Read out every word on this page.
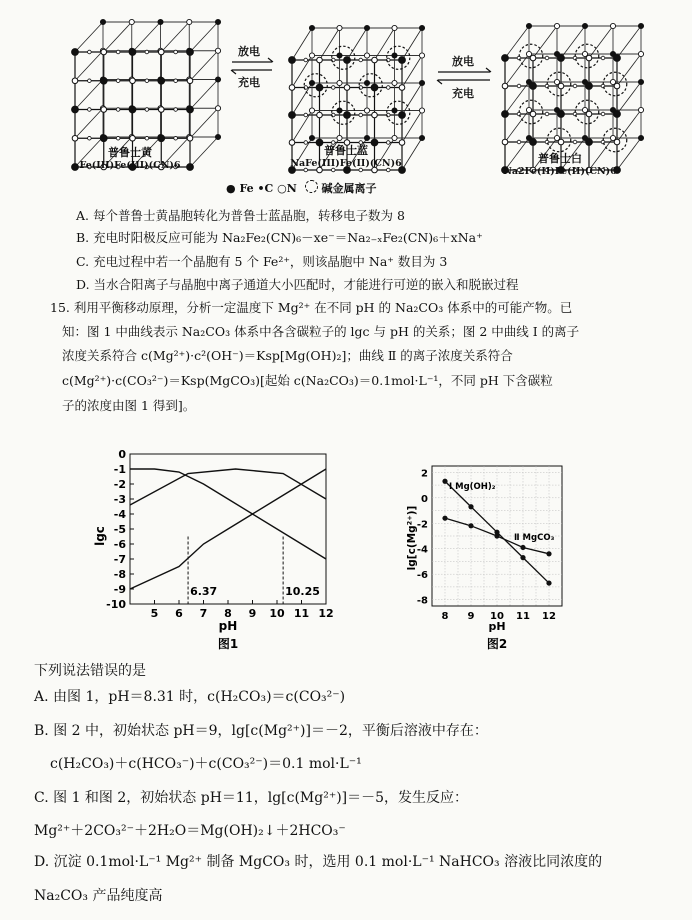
放电
充电
放电
充电
普鲁士黄
Fe(III)Fe(III)(CN)6
普鲁士蓝
NaFe(III)Fe(II)(CN)6	普鲁士白
Na2Fe(II)Fe(II)(CN)6
● Fe •C ○N 碱金属离子
A. 每个普鲁士黄晶胞转化为普鲁士蓝晶胞，转移电子数为 8
B. 充电时阳极反应可能为 Na₂Fe₂(CN)₆－xe⁻＝Na₂₋ₓFe₂(CN)₆＋xNa⁺
C. 充电过程中若一个晶胞有 5 个 Fe²⁺，则该晶胞中 Na⁺ 数目为 3
D. 当水合阳离子与晶胞中离子通道大小匹配时，才能进行可逆的嵌入和脱嵌过程
15. 利用平衡移动原理，分析一定温度下 Mg²⁺ 在不同 pH 的 Na₂CO₃ 体系中的可能产物。已
知：图 1 中曲线表示 Na₂CO₃ 体系中各含碳粒子的 lgc 与 pH 的关系；图 2 中曲线 Ⅰ 的离子
浓度关系符合 c(Mg²⁺)·c²(OH⁻)＝Ksp[Mg(OH)₂]；曲线 Ⅱ 的离子浓度关系符合
c(Mg²⁺)·c(CO₃²⁻)＝Ksp(MgCO₃)[起始 c(Na₂CO₃)＝0.1mol·L⁻¹，不同 pH 下含碳粒
子的浓度由图 1 得到]。
0
-1
-2
-3
-4
-5
-6
-7
-8
-9
-10
5 6 7 8 9 10 11 12
6.37	10.25
lgc
pH
图1
2
0
-2
-4
-6
-8
8 9 10 11 12
Ⅰ Mg(OH)₂
Ⅱ MgCO₃
lg[c(Mg²⁺)]
pH
图2
下列说法错误的是
A. 由图 1，pH＝8.31 时，c(H₂CO₃)＝c(CO₃²⁻)
B. 图 2 中，初始状态 pH＝9，lg[c(Mg²⁺)]＝－2，平衡后溶液中存在：
c(H₂CO₃)＋c(HCO₃⁻)＋c(CO₃²⁻)＝0.1 mol·L⁻¹
C. 图 1 和图 2，初始状态 pH＝11，lg[c(Mg²⁺)]＝－5，发生反应：
Mg²⁺＋2CO₃²⁻＋2H₂O＝Mg(OH)₂↓＋2HCO₃⁻
D. 沉淀 0.1mol·L⁻¹ Mg²⁺ 制备 MgCO₃ 时，选用 0.1 mol·L⁻¹ NaHCO₃ 溶液比同浓度的
Na₂CO₃ 产品纯度高
